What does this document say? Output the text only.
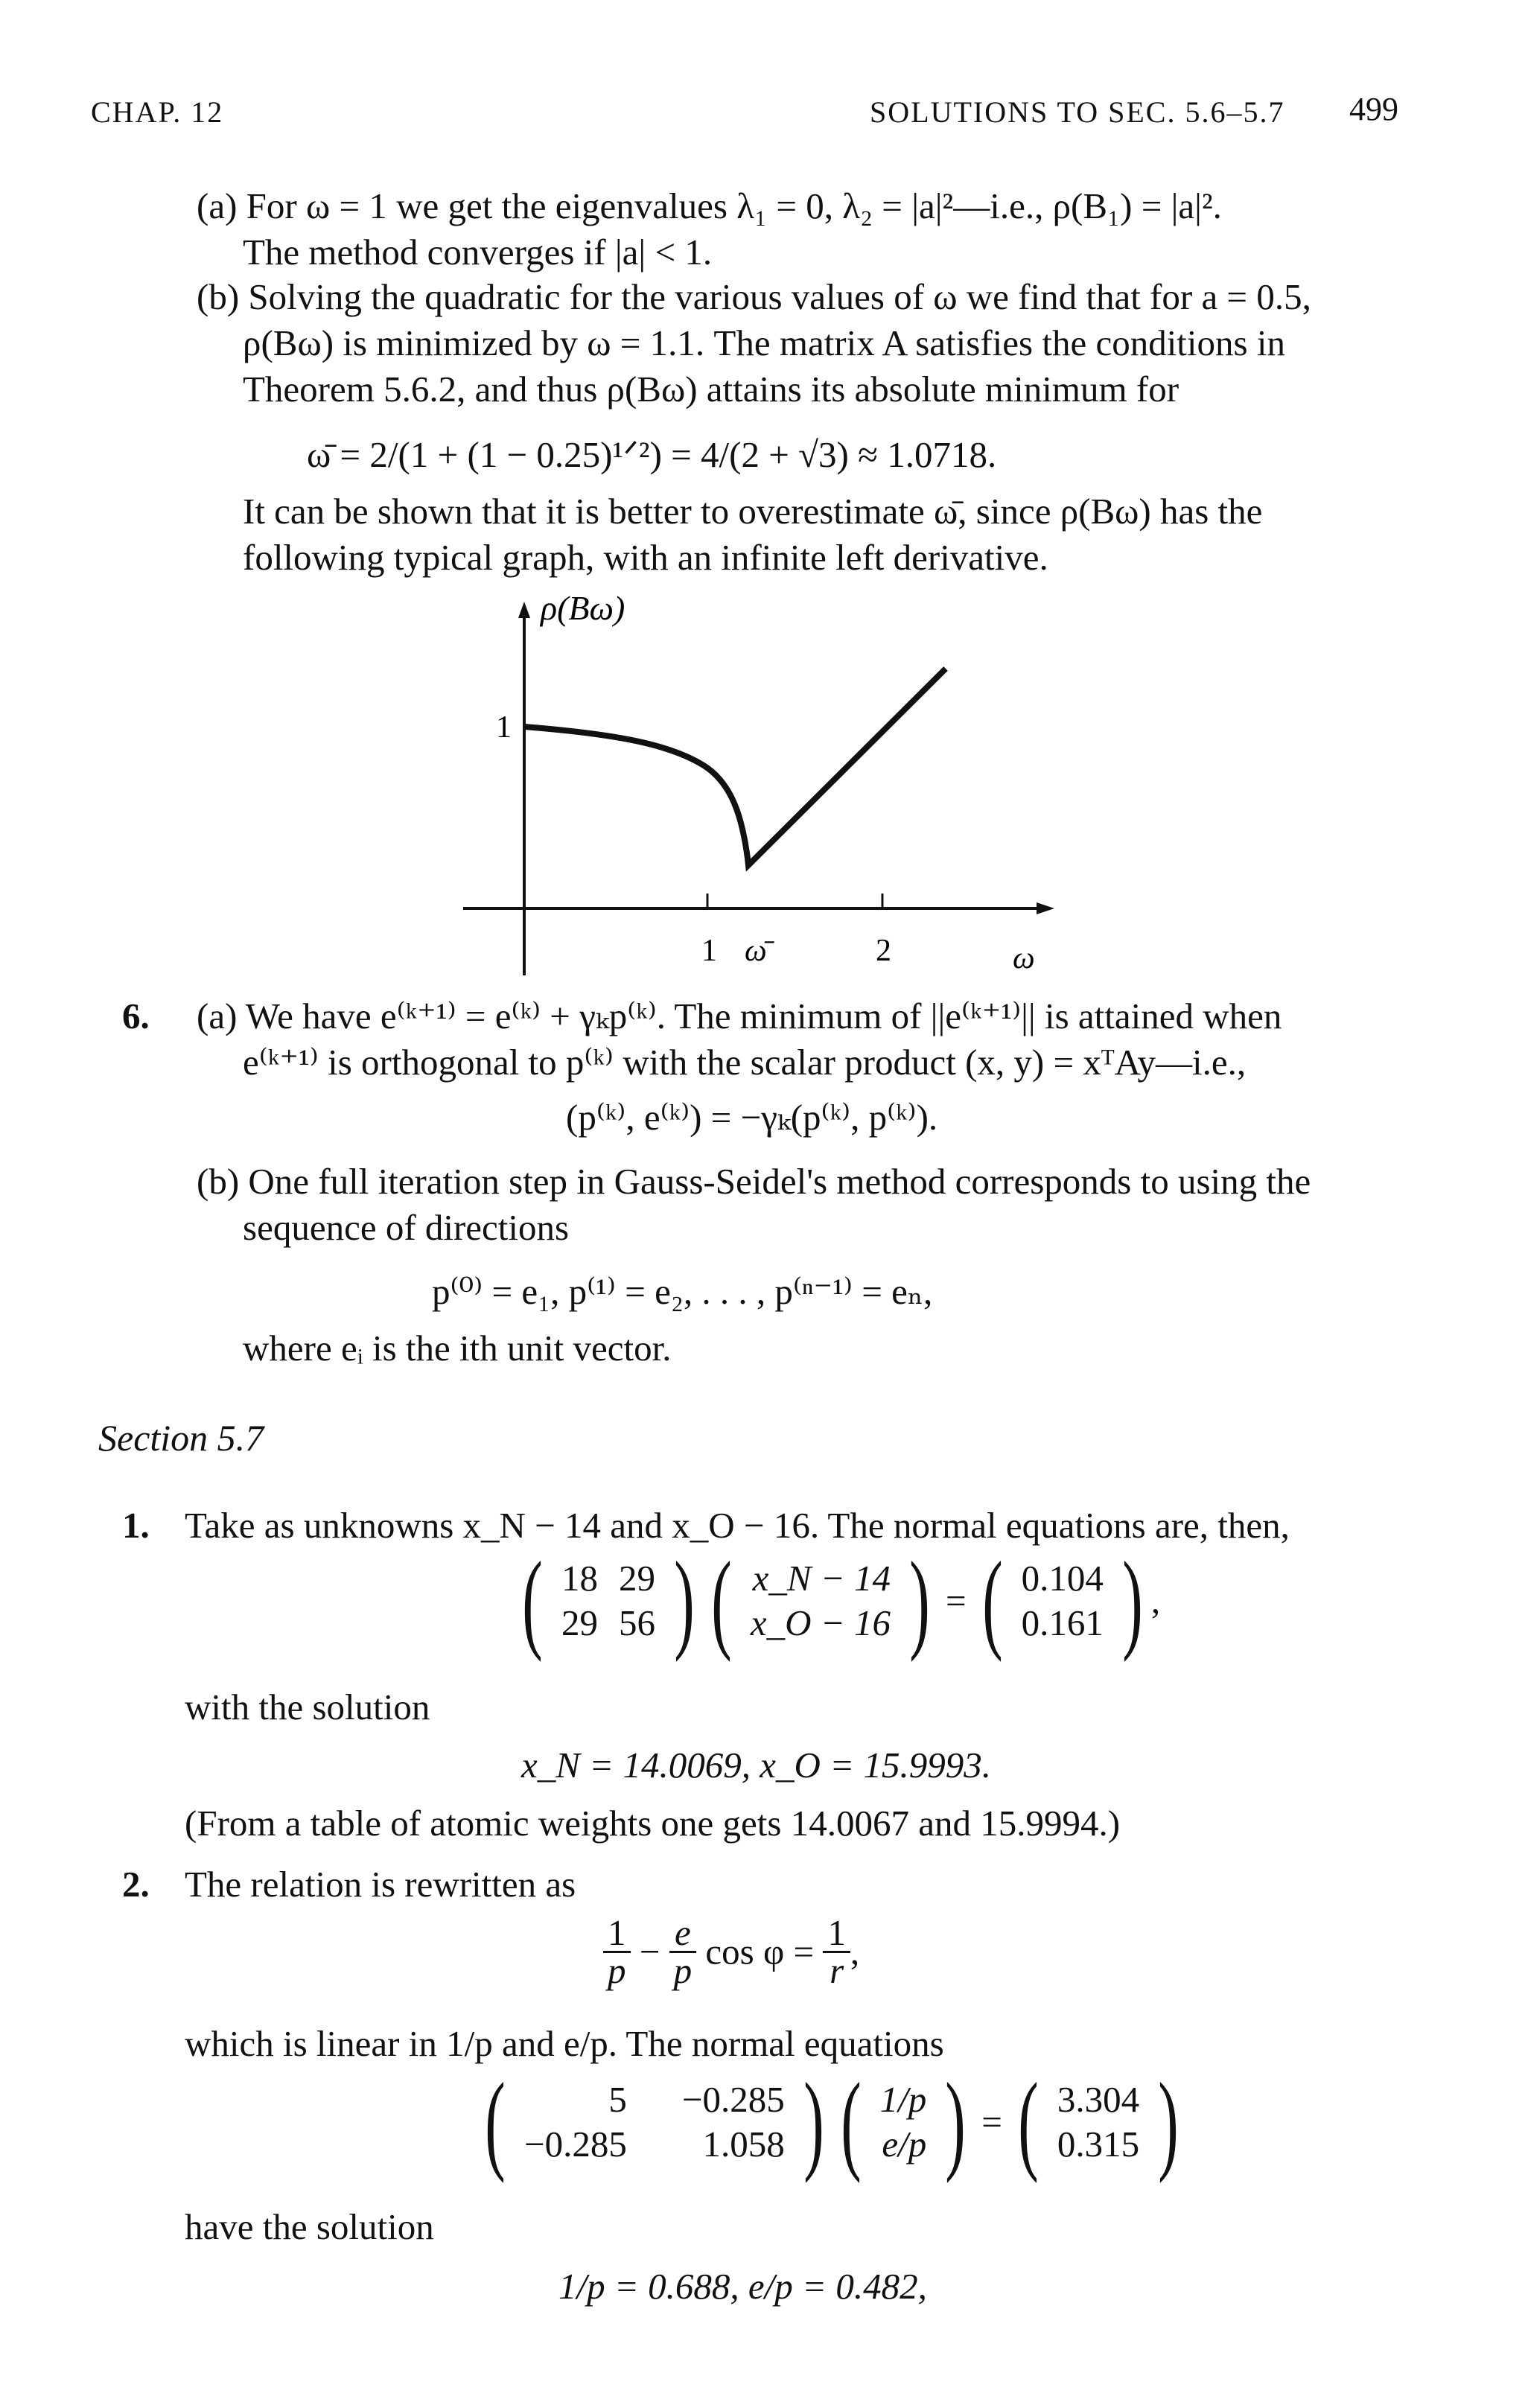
CHAP. 12	SOLUTIONS TO SEC. 5.6–5.7 499
(a) For ω = 1 we get the eigenvalues λ₁ = 0, λ₂ = |a|²—i.e., ρ(B₁) = |a|².
The method converges if |a| < 1.
(b) Solving the quadratic for the various values of ω we find that for a = 0.5,
ρ(Bω) is minimized by ω = 1.1. The matrix A satisfies the conditions in
Theorem 5.6.2, and thus ρ(Bω) attains its absolute minimum for
ω̄ = 2/(1 + (1 − 0.25)¹ᐟ²) = 4/(2 + √3) ≈ 1.0718.
It can be shown that it is better to overestimate ω̄, since ρ(Bω) has the
following typical graph, with an infinite left derivative.
ρ(Bω)
1
1 ω̄	2	ω
6. (a) We have e⁽ᵏ⁺¹⁾ = e⁽ᵏ⁾ + γₖp⁽ᵏ⁾. The minimum of ||e⁽ᵏ⁺¹⁾|| is attained when
e⁽ᵏ⁺¹⁾ is orthogonal to p⁽ᵏ⁾ with the scalar product (x, y) = xᵀAy—i.e.,
(p⁽ᵏ⁾, e⁽ᵏ⁾) = −γₖ(p⁽ᵏ⁾, p⁽ᵏ⁾).
(b) One full iteration step in Gauss-Seidel's method corresponds to using the
sequence of directions
p⁽⁰⁾ = e₁, p⁽¹⁾ = e₂, . . . , p⁽ⁿ⁻¹⁾ = eₙ,
where eᵢ is the ith unit vector.
Section 5.7
1. Take as unknowns x_N − 14 and x_O − 16. The normal equations are, then,
( 18	29
29	56 ) ( x_N − 14
x_O − 16 ) = ( 0.104
0.161 ) ,
with the solution
x_N = 14.0069, x_O = 15.9993.
(From a table of atomic weights one gets 14.0067 and 15.9994.)
2. The relation is rewritten as
$\frac{1}{p} - \frac{e}{p}$ $\cos \varphi = \frac{1}{r}$ ,
which is linear in 1/p and e/p. The normal equations
(	5	−0.285
−0.285	1.058 ) ( 1/p
e/p ) = ( 3.304
0.315 )
have the solution
1/p = 0.688, e/p = 0.482,
